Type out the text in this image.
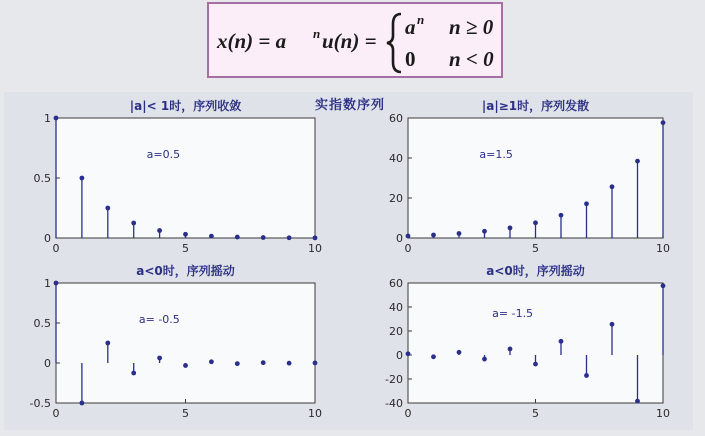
x(n) = a n u(n) =
a n n ≥ 0
0 n < 0
实指数序列
|a|< 1时，序列收敛
0	5	10
0
0.5
1
a=0.5
|a|≥1时，序列发散
0	5	10
0
20
40
60
a=1.5
a<0时，序列摇动
0	5	10
-0.5
0
0.5
1
a= -0.5
a<0时，序列摇动
0	5	10
-40
-20
0
20
40
60
a= -1.5
